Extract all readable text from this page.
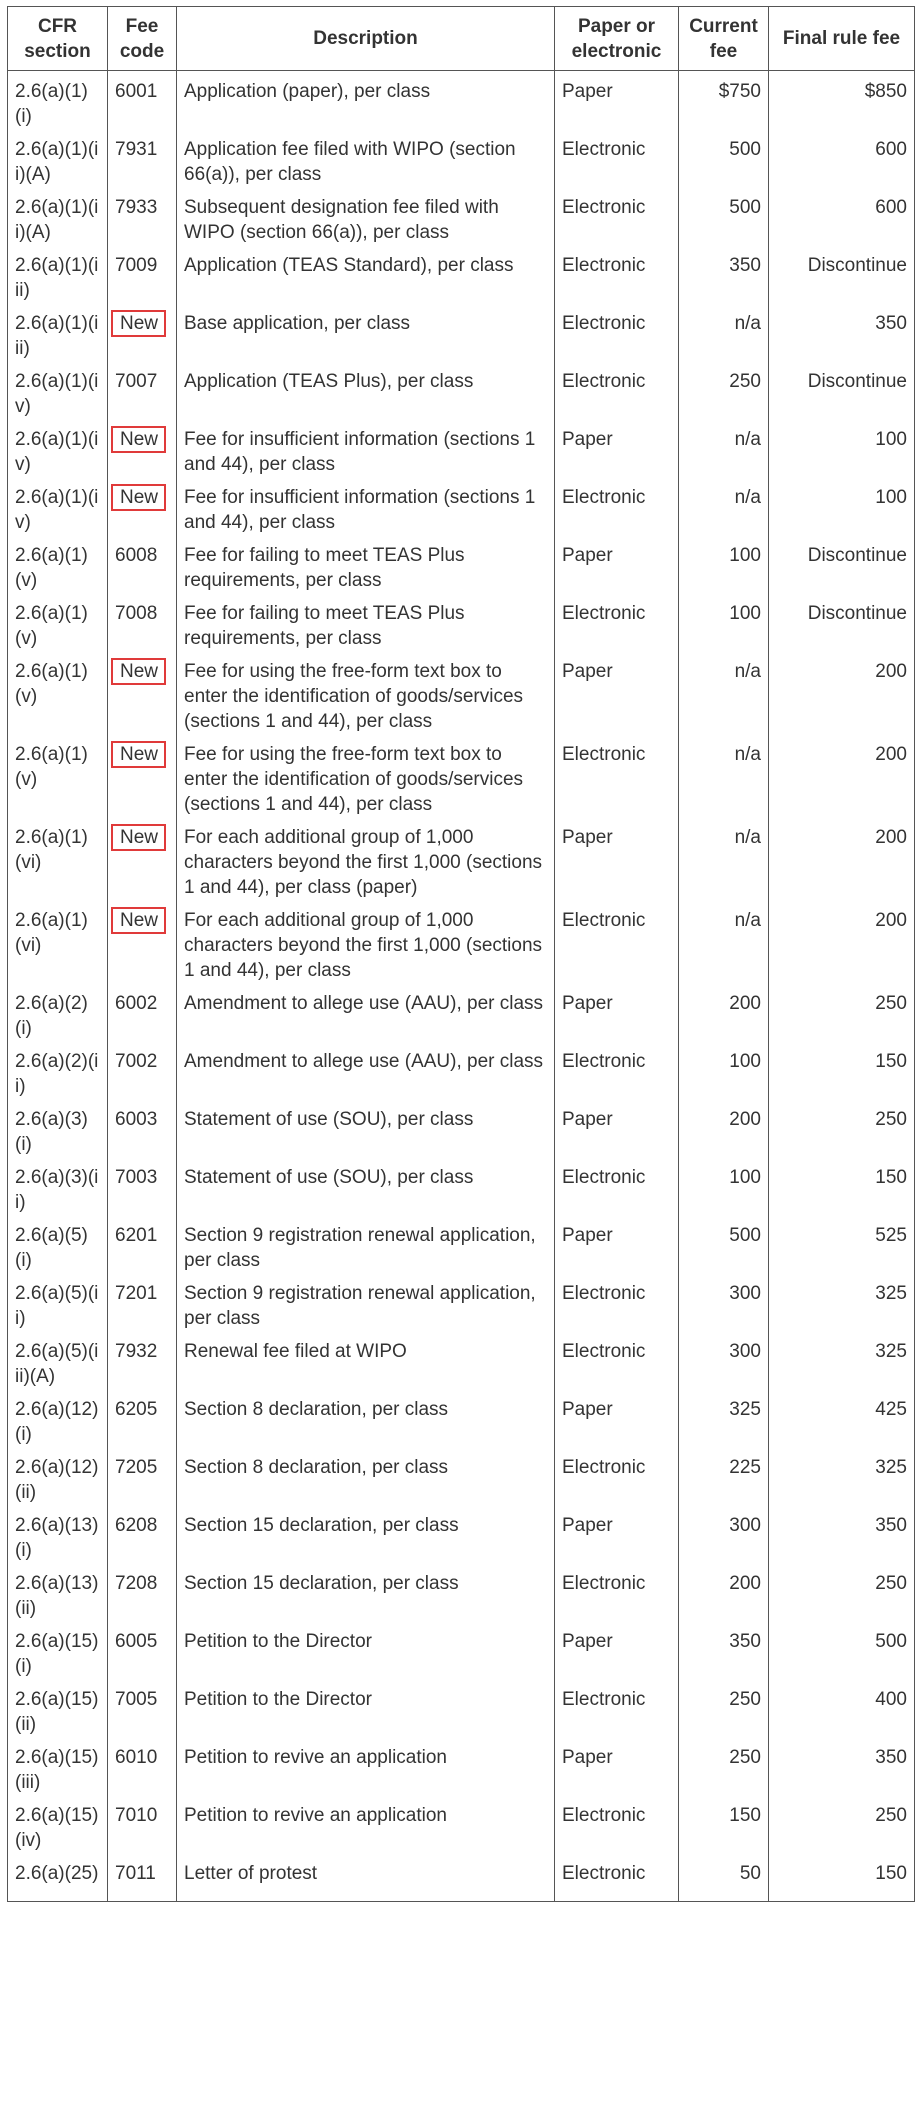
CFR section	Fee code	Description	Paper or electronic	Current fee	Final rule fee
2.6(a)(1)(i)	6001	Application (paper), per class	Paper	$750	$850
2.6(a)(1)(ii)(A)	7931	Application fee filed with WIPO (section 66(a)), per class	Electronic	500	600
2.6(a)(1)(ii)(A)	7933	Subsequent designation fee filed with WIPO (section 66(a)), per class	Electronic	500	600
2.6(a)(1)(iii)	7009	Application (TEAS Standard), per class	Electronic	350	Discontinue
2.6(a)(1)(iii)	New	Base application, per class	Electronic	n/a	350
2.6(a)(1)(iv)	7007	Application (TEAS Plus), per class	Electronic	250	Discontinue
2.6(a)(1)(iv)	New	Fee for insufficient information (sections 1 and 44), per class	Paper	n/a	100
2.6(a)(1)(iv)	New	Fee for insufficient information (sections 1 and 44), per class	Electronic	n/a	100
2.6(a)(1)(v)	6008	Fee for failing to meet TEAS Plus requirements, per class	Paper	100	Discontinue
2.6(a)(1)(v)	7008	Fee for failing to meet TEAS Plus requirements, per class	Electronic	100	Discontinue
2.6(a)(1)(v)	New	Fee for using the free-form text box to enter the identification of goods/services (sections 1 and 44), per class	Paper	n/a	200
2.6(a)(1)(v)	New	Fee for using the free-form text box to enter the identification of goods/services (sections 1 and 44), per class	Electronic	n/a	200
2.6(a)(1)(vi)	New	For each additional group of 1,000 characters beyond the first 1,000 (sections 1 and 44), per class (paper)	Paper	n/a	200
2.6(a)(1)(vi)	New	For each additional group of 1,000 characters beyond the first 1,000 (sections 1 and 44), per class	Electronic	n/a	200
2.6(a)(2)(i)	6002	Amendment to allege use (AAU), per class	Paper	200	250
2.6(a)(2)(ii)	7002	Amendment to allege use (AAU), per class	Electronic	100	150
2.6(a)(3)(i)	6003	Statement of use (SOU), per class	Paper	200	250
2.6(a)(3)(ii)	7003	Statement of use (SOU), per class	Electronic	100	150
2.6(a)(5)(i)	6201	Section 9 registration renewal application, per class	Paper	500	525
2.6(a)(5)(ii)	7201	Section 9 registration renewal application, per class	Electronic	300	325
2.6(a)(5)(iii)(A)	7932	Renewal fee filed at WIPO	Electronic	300	325
2.6(a)(12)(i)	6205	Section 8 declaration, per class	Paper	325	425
2.6(a)(12)(ii)	7205	Section 8 declaration, per class	Electronic	225	325
2.6(a)(13)(i)	6208	Section 15 declaration, per class	Paper	300	350
2.6(a)(13)(ii)	7208	Section 15 declaration, per class	Electronic	200	250
2.6(a)(15)(i)	6005	Petition to the Director	Paper	350	500
2.6(a)(15)(ii)	7005	Petition to the Director	Electronic	250	400
2.6(a)(15)(iii)	6010	Petition to revive an application	Paper	250	350
2.6(a)(15)(iv)	7010	Petition to revive an application	Electronic	150	250
2.6(a)(25)	7011	Letter of protest	Electronic	50	150
